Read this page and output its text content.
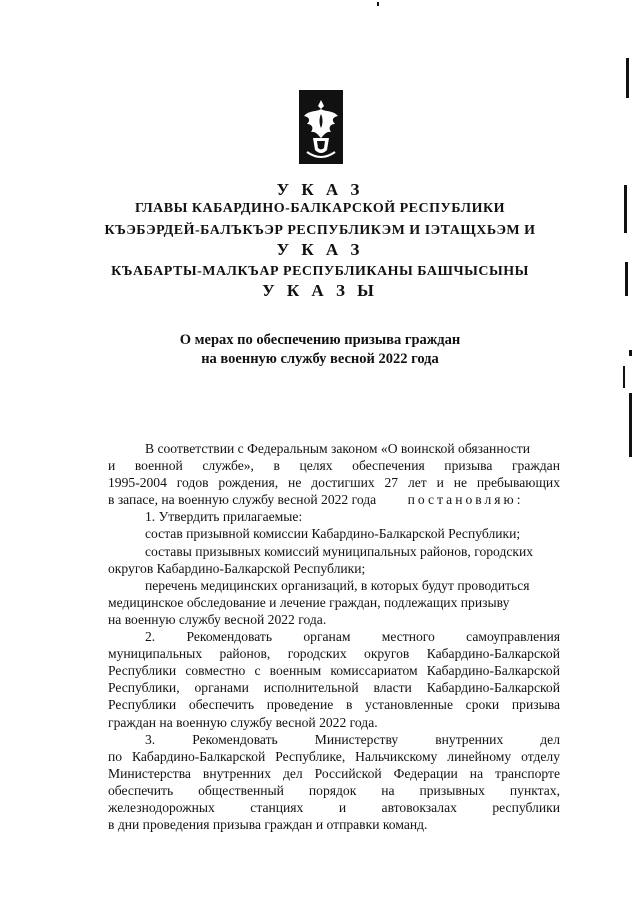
У К А З
ГЛАВЫ КАБАРДИНО-БАЛКАРСКОЙ РЕСПУБЛИКИ
КЪЭБЭРДЕЙ-БАЛЪКЪЭР РЕСПУБЛИКЭМ И ІЭТАЩХЬЭМ И
У К А З
КЪАБАРТЫ-МАЛКЪАР РЕСПУБЛИКАНЫ БАШЧЫСЫНЫ
У К А З Ы
О мерах по обеспечению призыва граждан
на военную службу весной 2022 года
В соответствии с Федеральным законом «О воинской обязанности
и военной службе», в целях обеспечения призыва граждан
1995-2004 годов рождения, не достигших 27 лет и не пребывающих
в запасе, на военную службу весной 2022 года постановляю:
1. Утвердить прилагаемые:
состав призывной комиссии Кабардино-Балкарской Республики;
составы призывных комиссий муниципальных районов, городских
округов Кабардино-Балкарской Республики;
перечень медицинских организаций, в которых будут проводиться
медицинское обследование и лечение граждан, подлежащих призыву
на военную службу весной 2022 года.
2. Рекомендовать органам местного самоуправления
муниципальных районов, городских округов Кабардино-Балкарской
Республики совместно с военным комиссариатом Кабардино-Балкарской
Республики, органами исполнительной власти Кабардино-Балкарской
Республики обеспечить проведение в установленные сроки призыва
граждан на военную службу весной 2022 года.
3. Рекомендовать Министерству внутренних дел
по Кабардино-Балкарской Республике, Нальчикскому линейному отделу
Министерства внутренних дел Российской Федерации на транспорте
обеспечить общественный порядок на призывных пунктах,
железнодорожных станциях и автовокзалах республики
в дни проведения призыва граждан и отправки команд.
